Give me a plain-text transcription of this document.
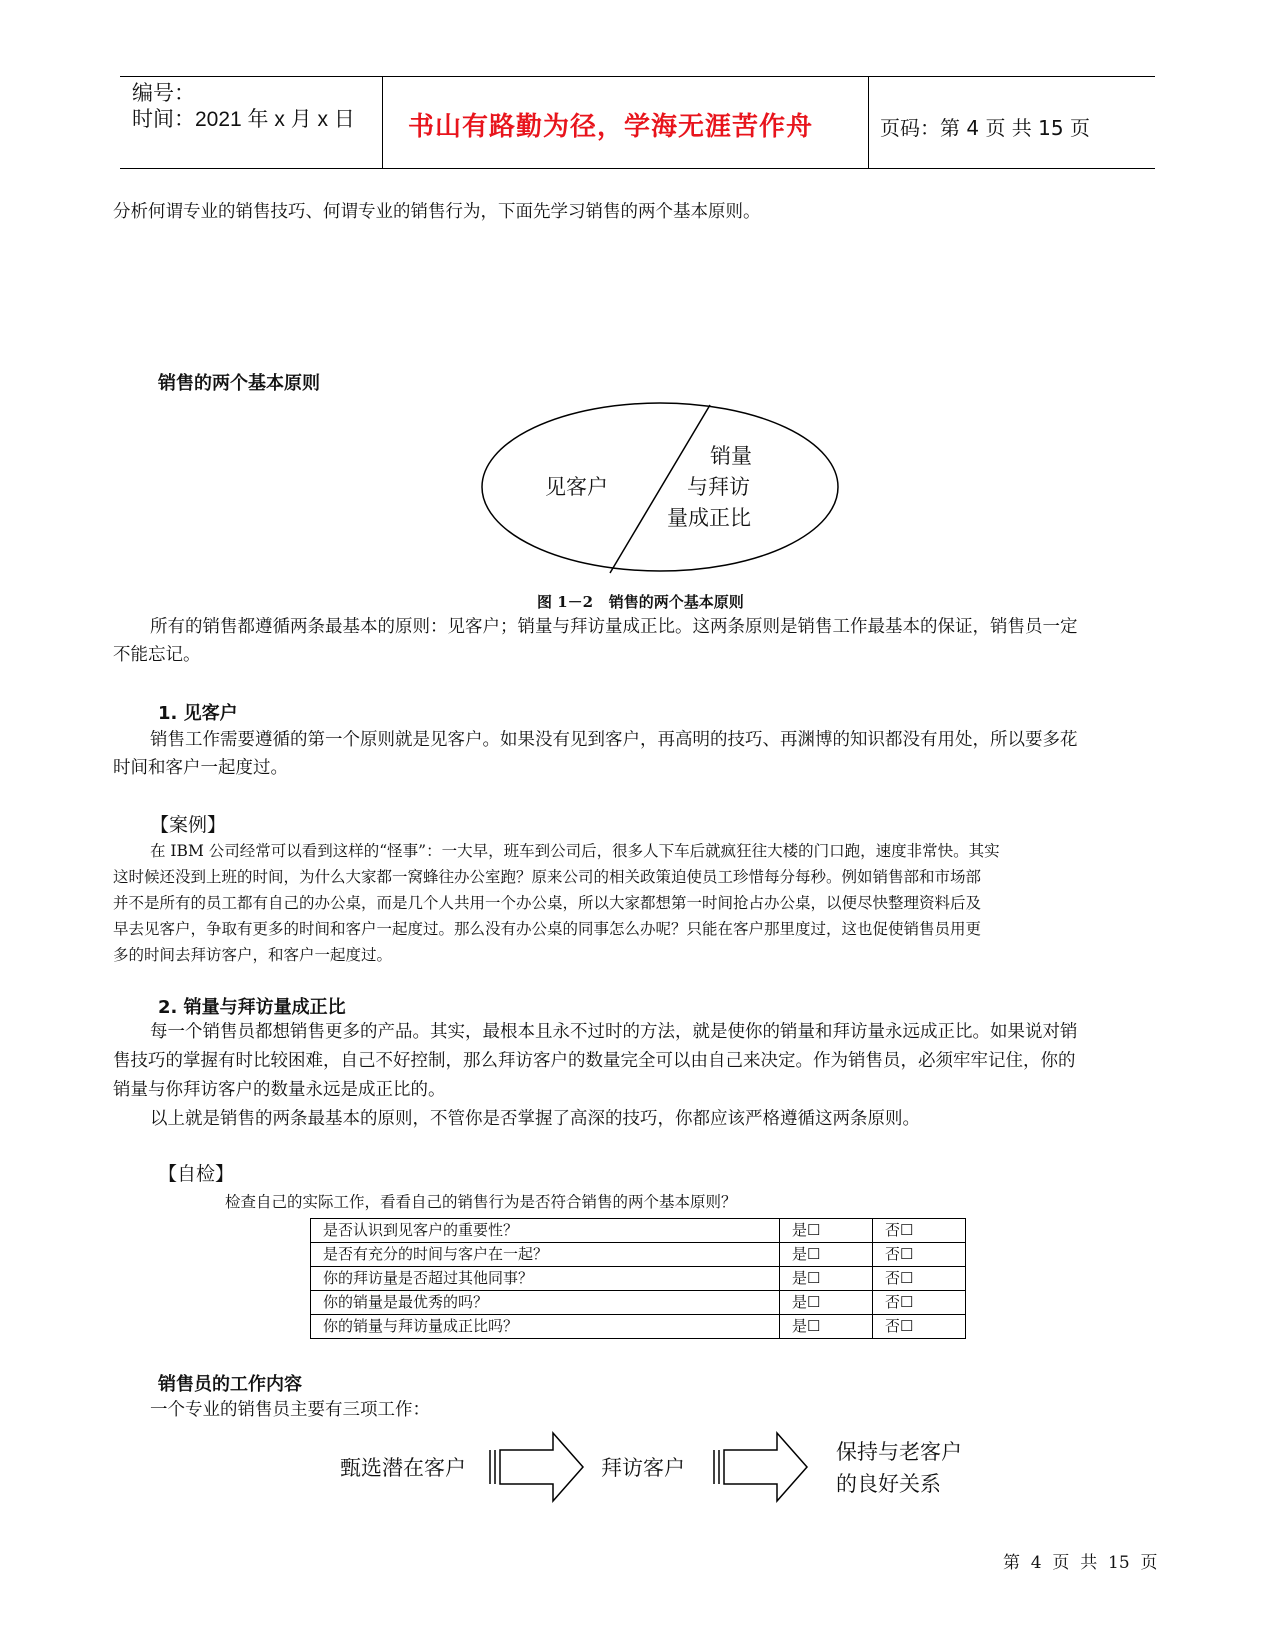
编号：
时间：2021 年 x 月 x 日 书山有路勤为径，学海无涯苦作舟	页码：第 4 页 共 15 页
分析何谓专业的销售技巧、何谓专业的销售行为，下面先学习销售的两个基本原则。
销售的两个基本原则
见客户
销量
与拜访
量成正比
图 1－2   销售的两个基本原则
所有的销售都遵循两条最基本的原则：见客户；销量与拜访量成正比。这两条原则是销售工作最基本的保证，销售员一定
不能忘记。
1. 见客户
销售工作需要遵循的第一个原则就是见客户。如果没有见到客户，再高明的技巧、再渊博的知识都没有用处，所以要多花
时间和客户一起度过。
【案例】
在 IBM 公司经常可以看到这样的“怪事”：一大早，班车到公司后，很多人下车后就疯狂往大楼的门口跑，速度非常快。其实
这时候还没到上班的时间，为什么大家都一窝蜂往办公室跑？原来公司的相关政策迫使员工珍惜每分每秒。例如销售部和市场部
并不是所有的员工都有自己的办公桌，而是几个人共用一个办公桌，所以大家都想第一时间抢占办公桌，以便尽快整理资料后及
早去见客户，争取有更多的时间和客户一起度过。那么没有办公桌的同事怎么办呢？只能在客户那里度过，这也促使销售员用更
多的时间去拜访客户，和客户一起度过。
2. 销量与拜访量成正比
每一个销售员都想销售更多的产品。其实，最根本且永不过时的方法，就是使你的销量和拜访量永远成正比。如果说对销
售技巧的掌握有时比较困难，自己不好控制，那么拜访客户的数量完全可以由自己来决定。作为销售员，必须牢牢记住，你的
销量与你拜访客户的数量永远是成正比的。
以上就是销售的两条最基本的原则，不管你是否掌握了高深的技巧，你都应该严格遵循这两条原则。
【自检】
检查自己的实际工作，看看自己的销售行为是否符合销售的两个基本原则？
是否认识到见客户的重要性？	是☐	否☐
是否有充分的时间与客户在一起？	是☐	否☐
你的拜访量是否超过其他同事？	是☐	否☐
你的销量是最优秀的吗？	是☐	否☐
你的销量与拜访量成正比吗？	是☐	否☐
销售员的工作内容
一个专业的销售员主要有三项工作：
甄选潜在客户	拜访客户
保持与老客户
的良好关系
第  4  页  共  15  页
